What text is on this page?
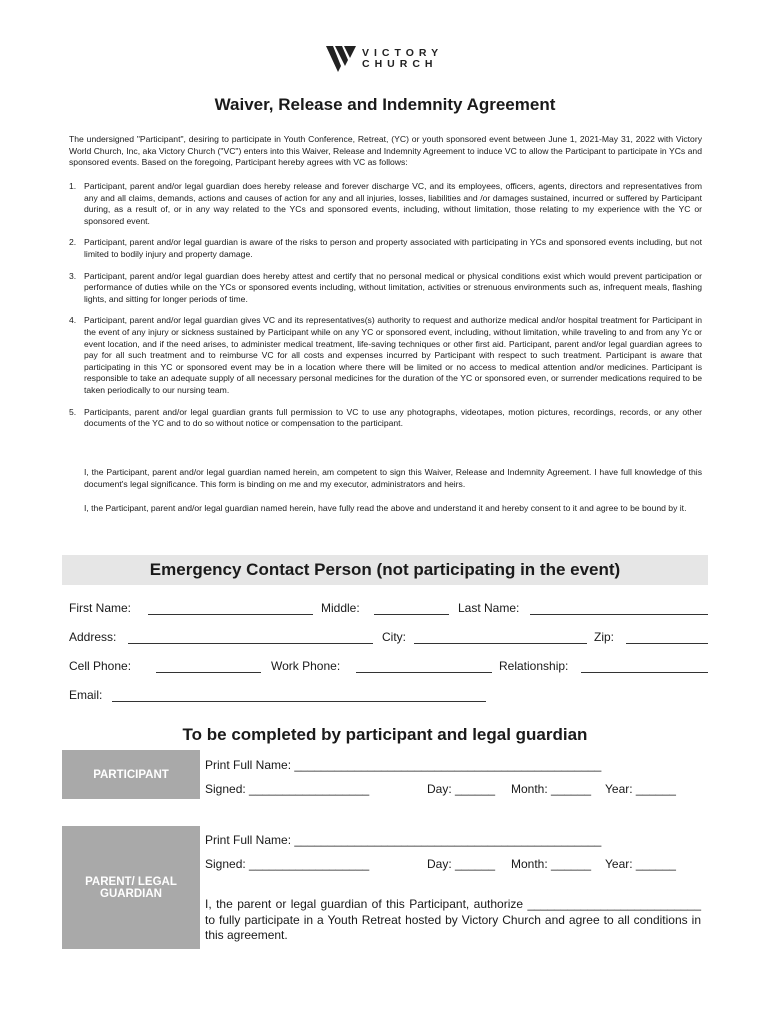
VICTORY
CHURCH
Waiver, Release and Indemnity Agreement
The undersigned "Participant", desiring to participate in Youth Conference, Retreat, (YC) or youth sponsored event between June 1, 2021-May 31, 2022 with Victory World Church, Inc, aka Victory Church ("VC") enters into this Waiver, Release and Indemnity Agreement to induce VC to allow the Participant to participate in YCs and sponsored events. Based on the foregoing, Participant hereby agrees with VC as follows:
1. Participant, parent and/or legal guardian does hereby release and forever discharge VC, and its employees, officers, agents, directors and representatives from any and all claims, demands, actions and causes of action for any and all injuries, losses, liabilities and /or damages sustained, incurred or suffered by Participant during, as a result of, or in any way related to the YCs and sponsored events, including, without limitation, those relating to my experience with the YC or sponsored event.
2. Participant, parent and/or legal guardian is aware of the risks to person and property associated with participating in YCs and sponsored events including, but not limited to bodily injury and property damage.
3. Participant, parent and/or legal guardian does hereby attest and certify that no personal medical or physical conditions exist which would prevent participation or performance of duties while on the YCs or sponsored events including, without limitation, activities or strenuous environments such as, infrequent meals, flashing lights, and sitting for longer periods of time.
4. Participant, parent and/or legal guardian gives VC and its representatives(s) authority to request and authorize medical and/or hospital treatment for Participant in the event of any injury or sickness sustained by Participant while on any YC or sponsored event, including, without limitation, while traveling to and from any Yc or event location, and if the need arises, to administer medical treatment, life-saving techniques or other first aid. Participant, parent and/or legal guardian agrees to pay for all such treatment and to reimburse VC for all costs and expenses incurred by Participant with respect to such treatment. Participant is aware that participating in this YC or sponsored event may be in a location where there will be limited or no access to medical attention and/or medicines. Participant is responsible to take an adequate supply of all necessary personal medicines for the duration of the YC or sponsored even, or surrender medications required to be taken periodically to our nursing team.
5. Participants, parent and/or legal guardian grants full permission to VC to use any photographs, videotapes, motion pictures, recordings, records, or any other documents of the YC and to do so without notice or compensation to the participant.
I, the Participant, parent and/or legal guardian named herein, am competent to sign this Waiver, Release and Indemnity Agreement. I have full knowledge of this document's legal significance. This form is binding on me and my executor, administrators and heirs.
I, the Participant, parent and/or legal guardian named herein, have fully read the above and understand it and hereby consent to it and agree to be bound by it.
Emergency Contact Person (not participating in the event)
First Name:	Middle:	Last Name:
Address:	City:	Zip:
Cell Phone:	Work Phone:	Relationship:
Email:
To be completed by participant and legal guardian
PARTICIPANT
Print Full Name: ______________________________________________
Signed: __________________	Day: ______ Month: ______ Year: ______
PARENT/ LEGAL GUARDIAN
Print Full Name: ______________________________________________
Signed: __________________	Day: ______ Month: ______ Year: ______
I, the parent or legal guardian of this Participant, authorize __________________________ to fully participate in a Youth Retreat hosted by Victory Church and agree to all conditions in this agreement.
